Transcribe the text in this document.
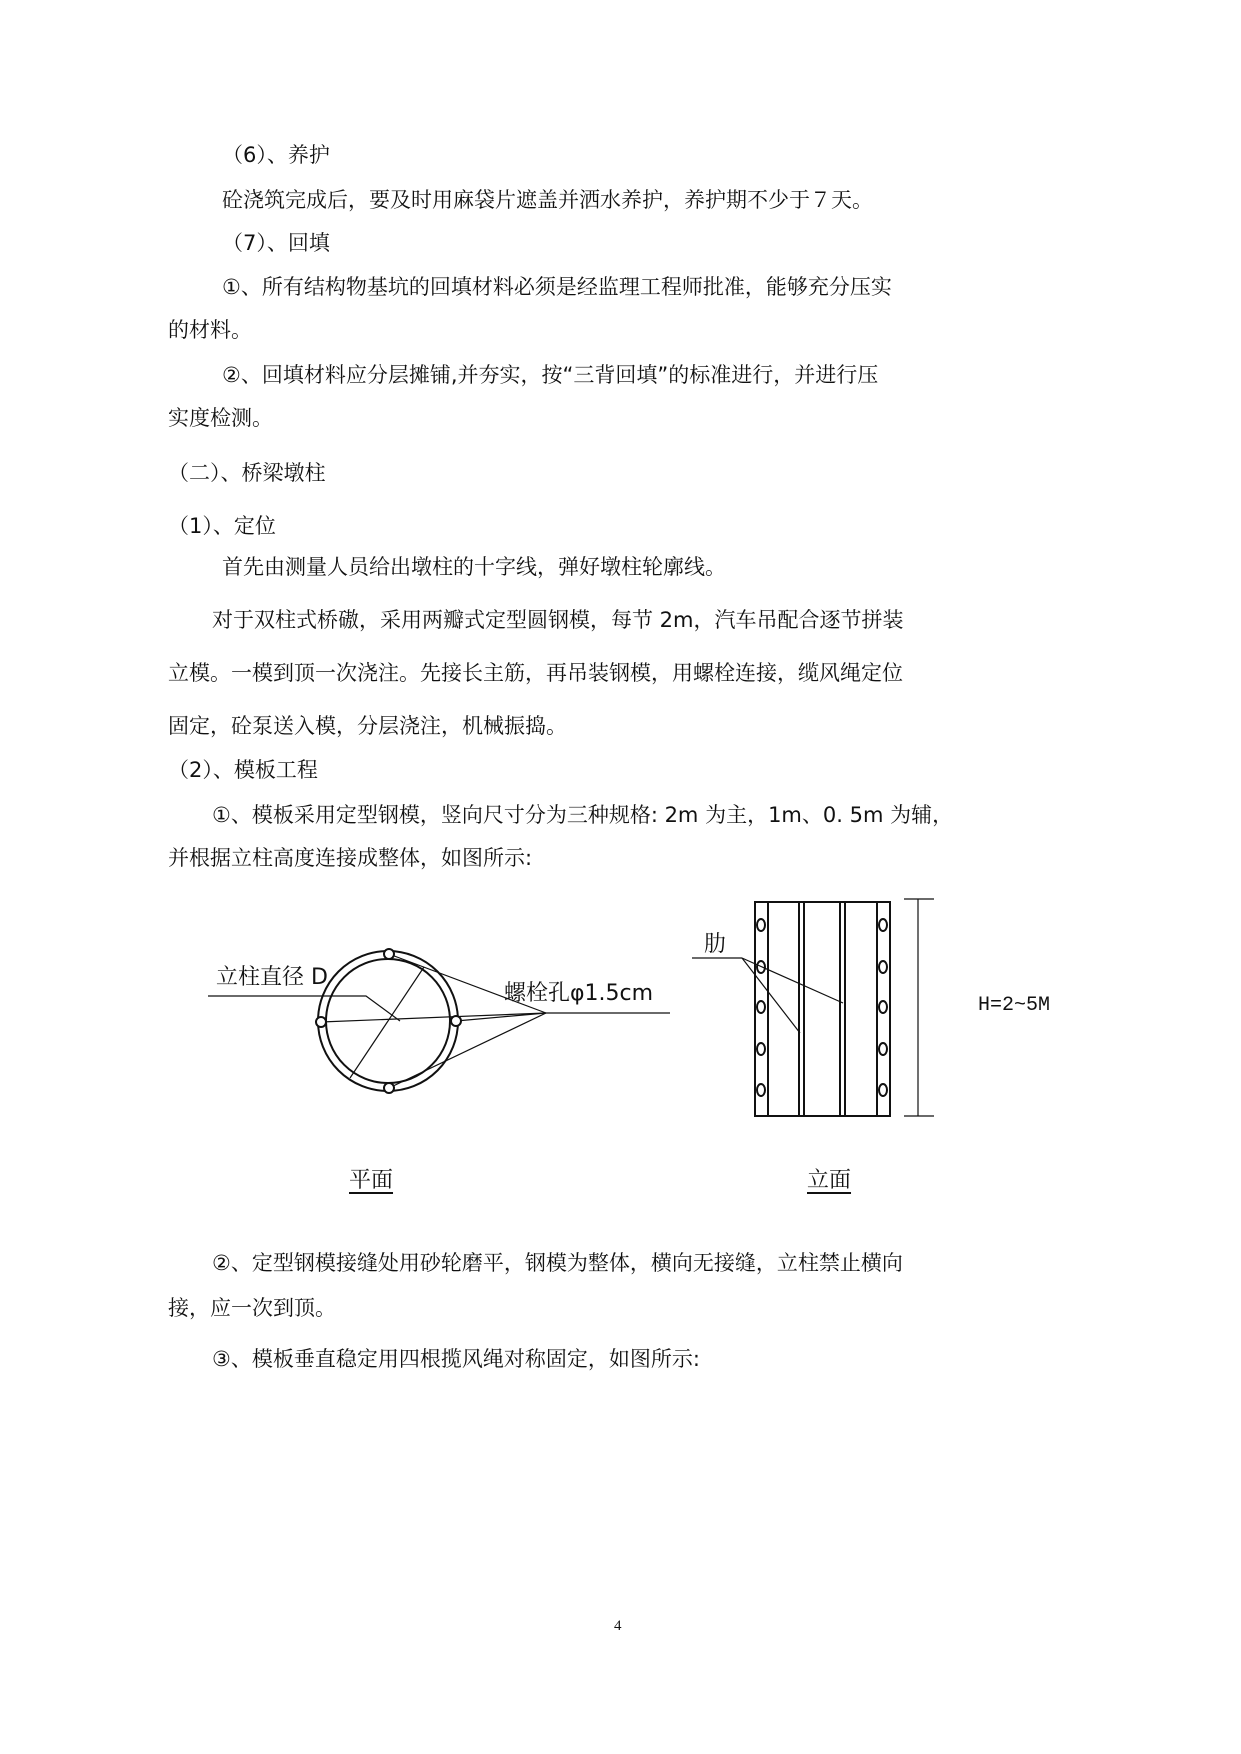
（6）、养护
砼浇筑完成后，要及时用麻袋片遮盖并洒水养护，养护期不少于７天。
（7）、回填
①、所有结构物基坑的回填材料必须是经监理工程师批准，能够充分压实
的材料。
②、回填材料应分层摊铺,并夯实，按“三背回填”的标准进行，并进行压
实度检测。
（二）、桥梁墩柱
（1）、定位
首先由测量人员给出墩柱的十字线，弹好墩柱轮廓线。
对于双柱式桥磝，采用两瓣式定型圆钢模，每节 2m，汽车吊配合逐节拼装
立模。一模到顶一次浇注。先接长主筋，再吊装钢模，用螺栓连接，缆风绳定位
固定，砼泵送入模，分层浇注，机械振捣。
（2）、模板工程
①、模板采用定型钢模，竖向尺寸分为三种规格: 2m 为主，1m、0. 5m 为辅，
并根据立柱高度连接成整体，如图所示:
立柱直径 D
螺栓孔φ1.5cm
肋
H=2~5M
平面	立面
②、定型钢模接缝处用砂轮磨平，钢模为整体，横向无接缝，立柱禁止横向
接，应一次到顶。
③、模板垂直稳定用四根揽风绳对称固定，如图所示:
4
